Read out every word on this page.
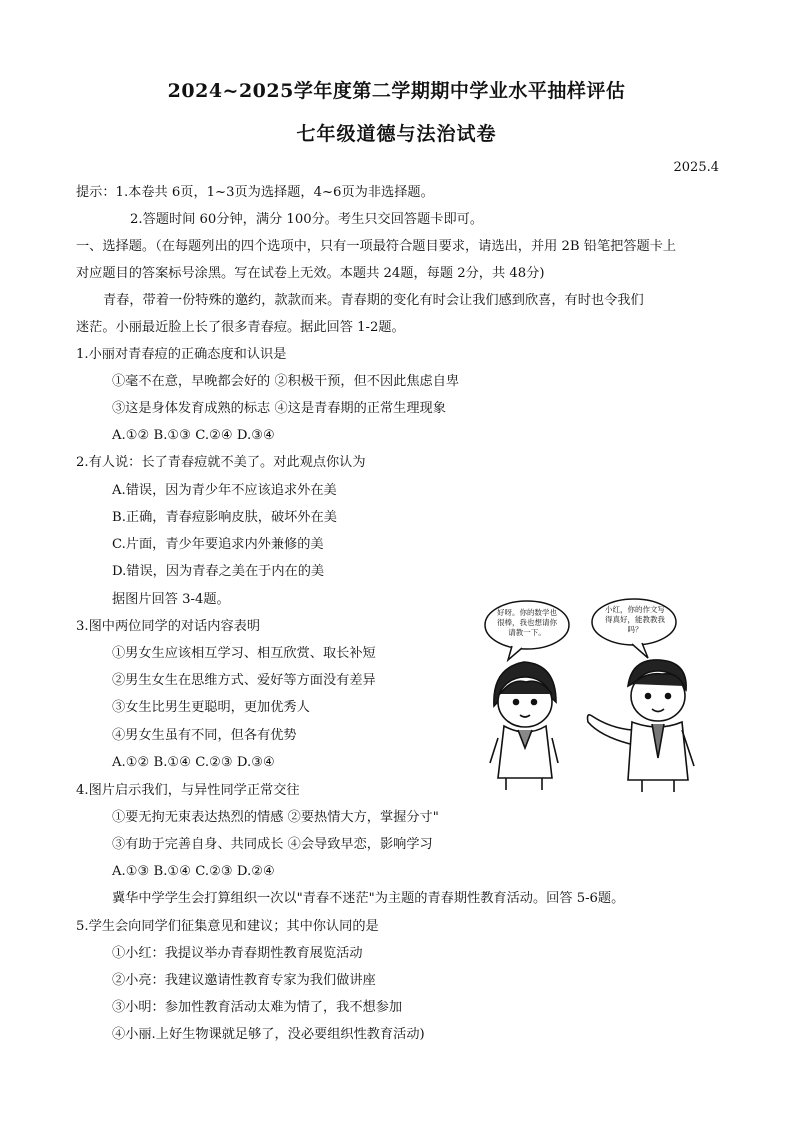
2024~2025学年度第二学期期中学业水平抽样评估
七年级道德与法治试卷
2025.4
提示：1.本卷共 6页，1~3页为选择题，4~6页为非选择题。
2.答题时间 60分钟，满分 100分。考生只交回答题卡即可。
一、选择题。（在每题列出的四个选项中，只有一项最符合题目要求，请选出，并用 2B 铅笔把答题卡上
对应题目的答案标号涂黑。写在试卷上无效。本题共 24题，每题 2分，共 48分)
青春，带着一份特殊的邀约，款款而来。青春期的变化有时会让我们感到欣喜，有时也令我们
迷茫。小丽最近脸上长了很多青春痘。据此回答 1-2题。
1.小丽对青春痘的正确态度和认识是
①毫不在意，早晚都会好的 ②积极干预，但不因此焦虑自卑
③这是身体发育成熟的标志 ④这是青春期的正常生理现象
A.①② B.①③ C.②④ D.③④
2.有人说：长了青春痘就不美了。对此观点你认为
A.错误，因为青少年不应该追求外在美
B.正确，青春痘影响皮肤，破坏外在美
C.片面，青少年要追求内外兼修的美
D.错误，因为青春之美在于内在的美
据图片回答 3-4题。
3.图中两位同学的对话内容表明
①男女生应该相互学习、相互欣赏、取长补短
②男生女生在思维方式、爱好等方面没有差异
③女生比男生更聪明，更加优秀人
④男女生虽有不同，但各有优势
A.①② B.①④ C.②③ D.③④
好呀。你的数学也很棒，我也想请你请教一下。
小红，你的作文写得真好，能教教我吗？
4.图片启示我们，与异性同学正常交往
①要无拘无束表达热烈的情感 ②要热情大方，掌握分寸"
③有助于完善自身、共同成长 ④会导致早恋，影响学习
A.①③ B.①④ C.②③ D.②④
冀华中学学生会打算组织一次以"青春不迷茫"为主题的青春期性教育活动。回答 5-6题。
5.学生会向同学们征集意见和建议；其中你认同的是
①小红：我提议举办青春期性教育展览活动
②小亮：我建议邀请性教育专家为我们做讲座
③小明：参加性教育活动太难为情了，我不想参加
④小丽.上好生物课就足够了，没必要组织性教育活动)
